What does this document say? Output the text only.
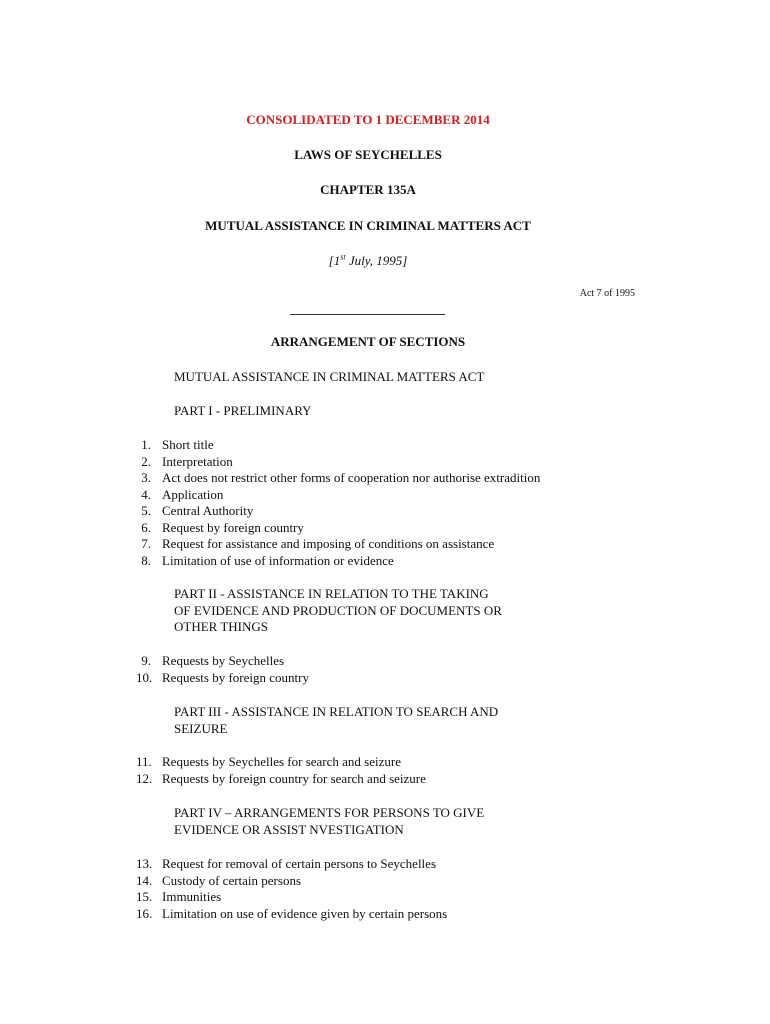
CONSOLIDATED TO 1 DECEMBER 2014
LAWS OF SEYCHELLES
CHAPTER 135A
MUTUAL ASSISTANCE IN CRIMINAL MATTERS ACT
[1st July, 1995]
Act 7 of 1995
ARRANGEMENT OF SECTIONS
MUTUAL ASSISTANCE IN CRIMINAL MATTERS ACT
PART I - PRELIMINARY
1. Short title
2. Interpretation
3. Act does not restrict other forms of cooperation nor authorise extradition
4. Application
5. Central Authority
6. Request by foreign country
7. Request for assistance and imposing of conditions on assistance
8. Limitation of use of information or evidence
PART II - ASSISTANCE IN RELATION TO THE TAKING
OF EVIDENCE AND PRODUCTION OF DOCUMENTS OR
OTHER THINGS
9. Requests by Seychelles
10. Requests by foreign country
PART III - ASSISTANCE IN RELATION TO SEARCH AND
SEIZURE
11. Requests by Seychelles for search and seizure
12. Requests by foreign country for search and seizure
PART IV – ARRANGEMENTS FOR PERSONS TO GIVE
EVIDENCE OR ASSIST NVESTIGATION
13. Request for removal of certain persons to Seychelles
14. Custody of certain persons
15. Immunities
16. Limitation on use of evidence given by certain persons
